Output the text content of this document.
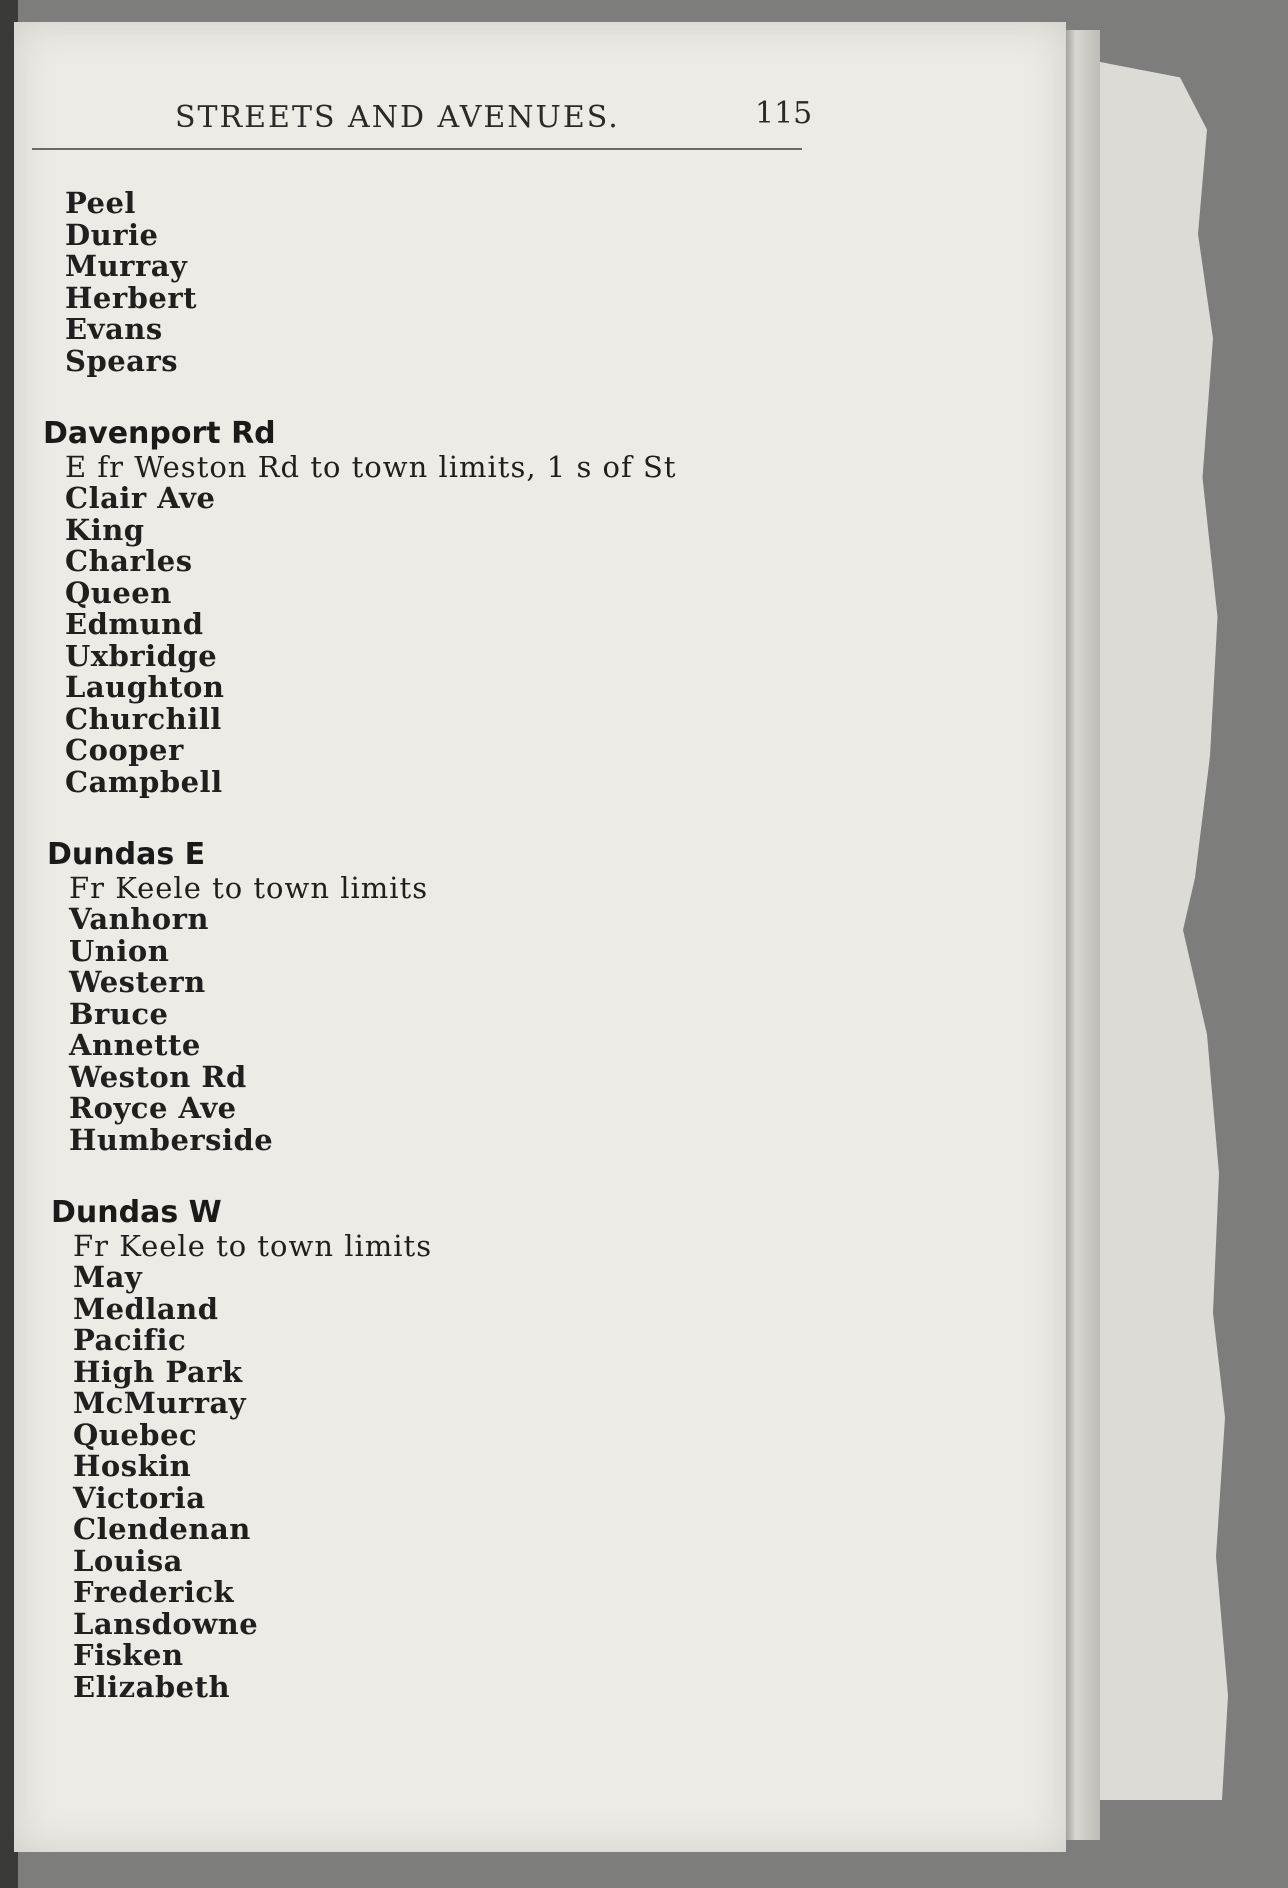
STREETS AND AVENUES.	115
Peel
Durie
Murray
Herbert
Evans
Spears
Davenport Rd
E fr Weston Rd to town limits, 1 s of St
Clair Ave
King
Charles
Queen
Edmund
Uxbridge
Laughton
Churchill
Cooper
Campbell
Dundas E
Fr Keele to town limits
Vanhorn
Union
Western
Bruce
Annette
Weston Rd
Royce Ave
Humberside
Dundas W
Fr Keele to town limits
May
Medland
Pacific
High Park
McMurray
Quebec
Hoskin
Victoria
Clendenan
Louisa
Frederick
Lansdowne
Fisken
Elizabeth
